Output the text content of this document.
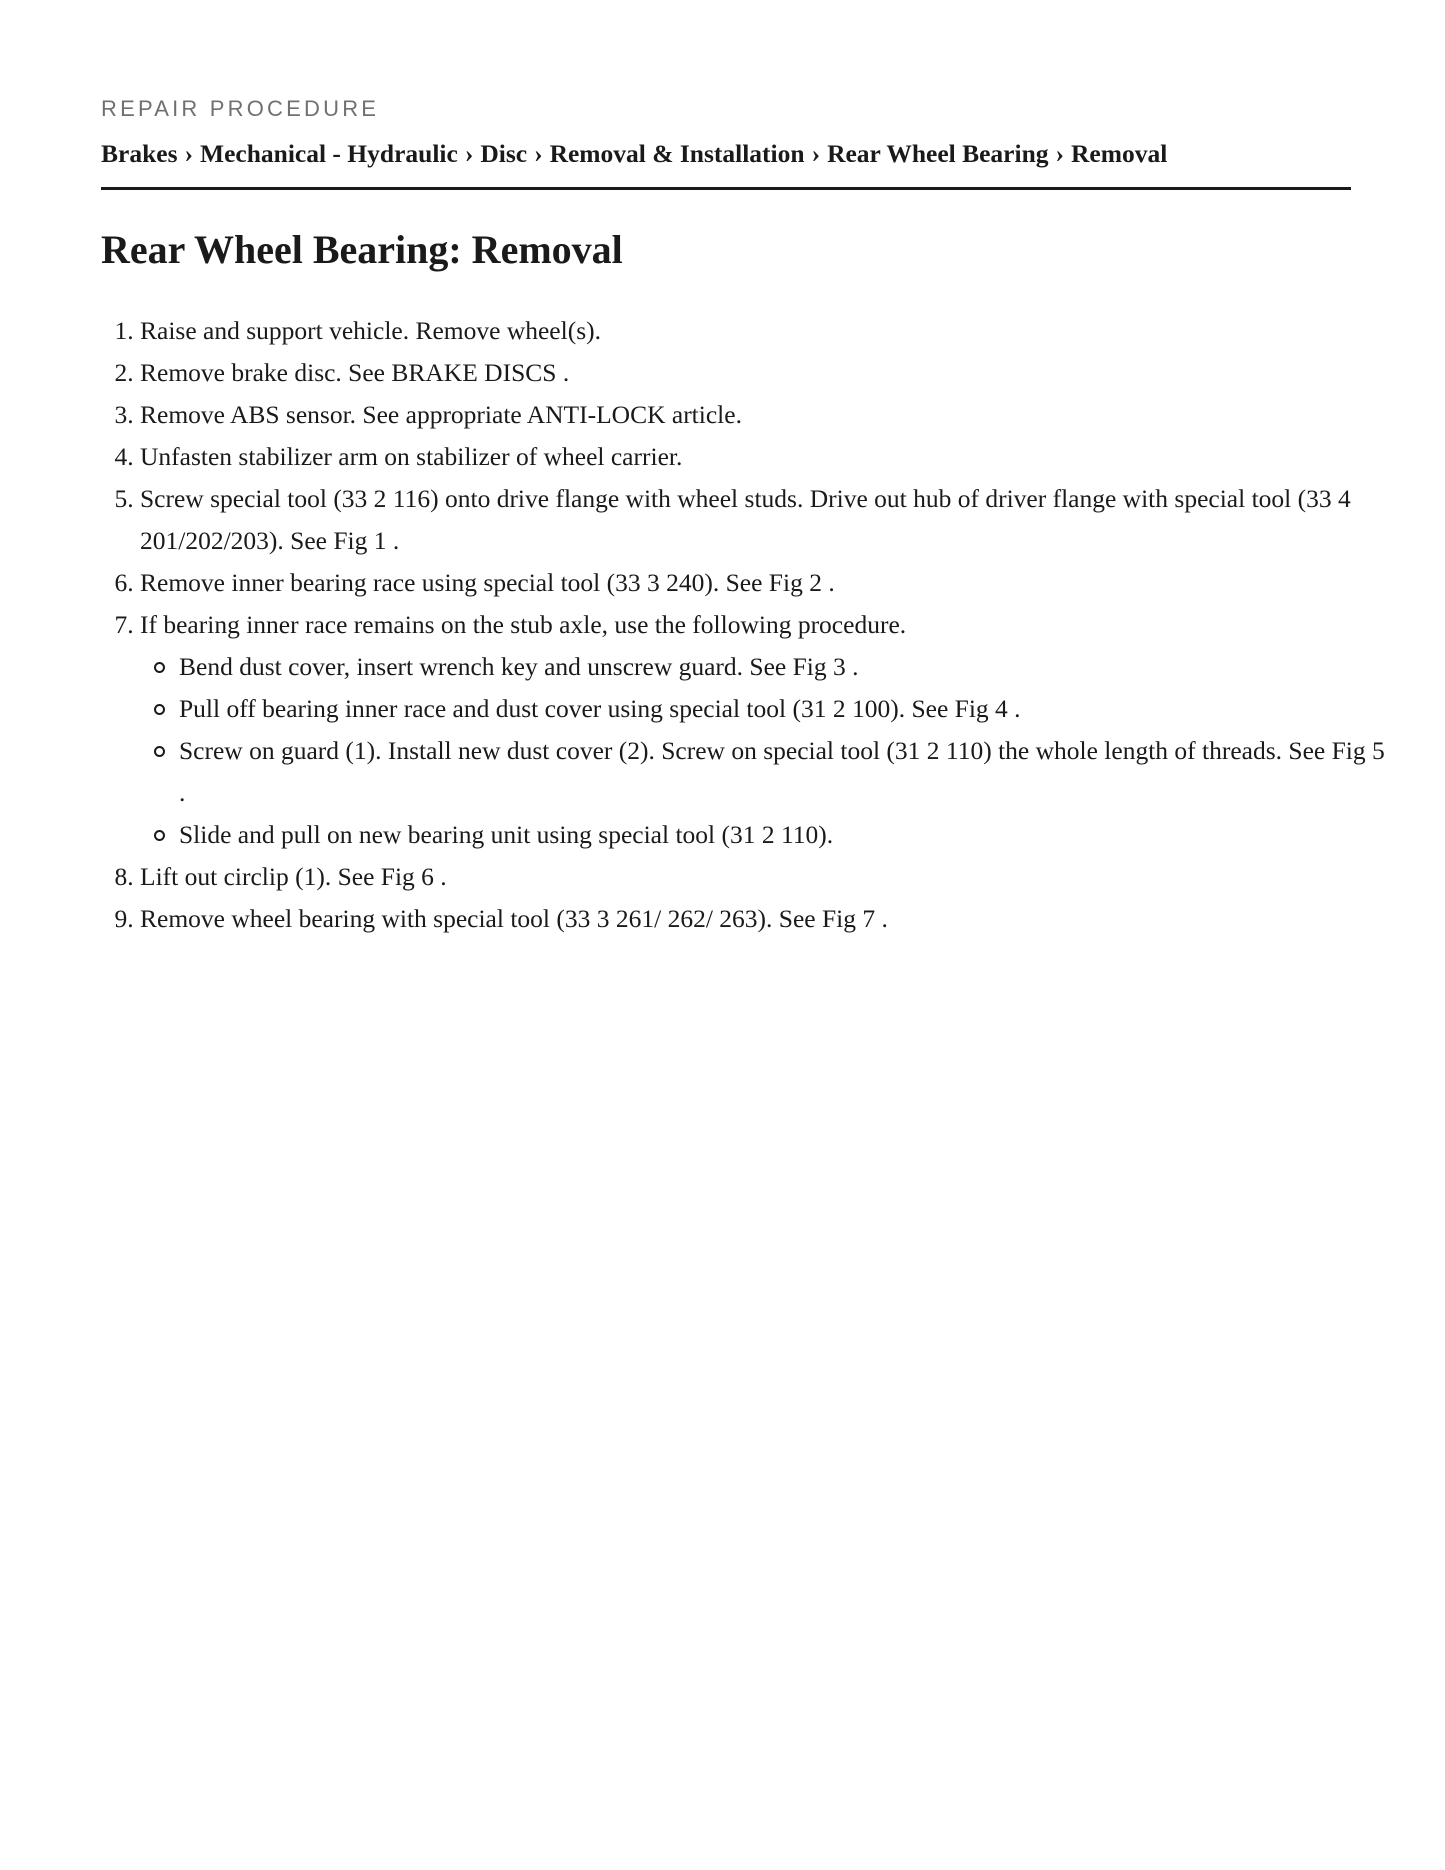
REPAIR PROCEDURE
Brakes › Mechanical - Hydraulic › Disc › Removal & Installation › Rear Wheel Bearing › Removal
Rear Wheel Bearing: Removal
1. Raise and support vehicle. Remove wheel(s).
2. Remove brake disc. See BRAKE DISCS .
3. Remove ABS sensor. See appropriate ANTI-LOCK article.
4. Unfasten stabilizer arm on stabilizer of wheel carrier.
5. Screw special tool (33 2 116) onto drive flange with wheel studs. Drive out hub of driver flange with special tool (33 4 201/202/203). See Fig 1 .
6. Remove inner bearing race using special tool (33 3 240). See Fig 2 .
7. If bearing inner race remains on the stub axle, use the following procedure.
Bend dust cover, insert wrench key and unscrew guard. See Fig 3 .
Pull off bearing inner race and dust cover using special tool (31 2 100). See Fig 4 .
Screw on guard (1). Install new dust cover (2). Screw on special tool (31 2 110) the whole length of threads. See Fig 5 .
Slide and pull on new bearing unit using special tool (31 2 110).
8. Lift out circlip (1). See Fig 6 .
9. Remove wheel bearing with special tool (33 3 261/ 262/ 263). See Fig 7 .
